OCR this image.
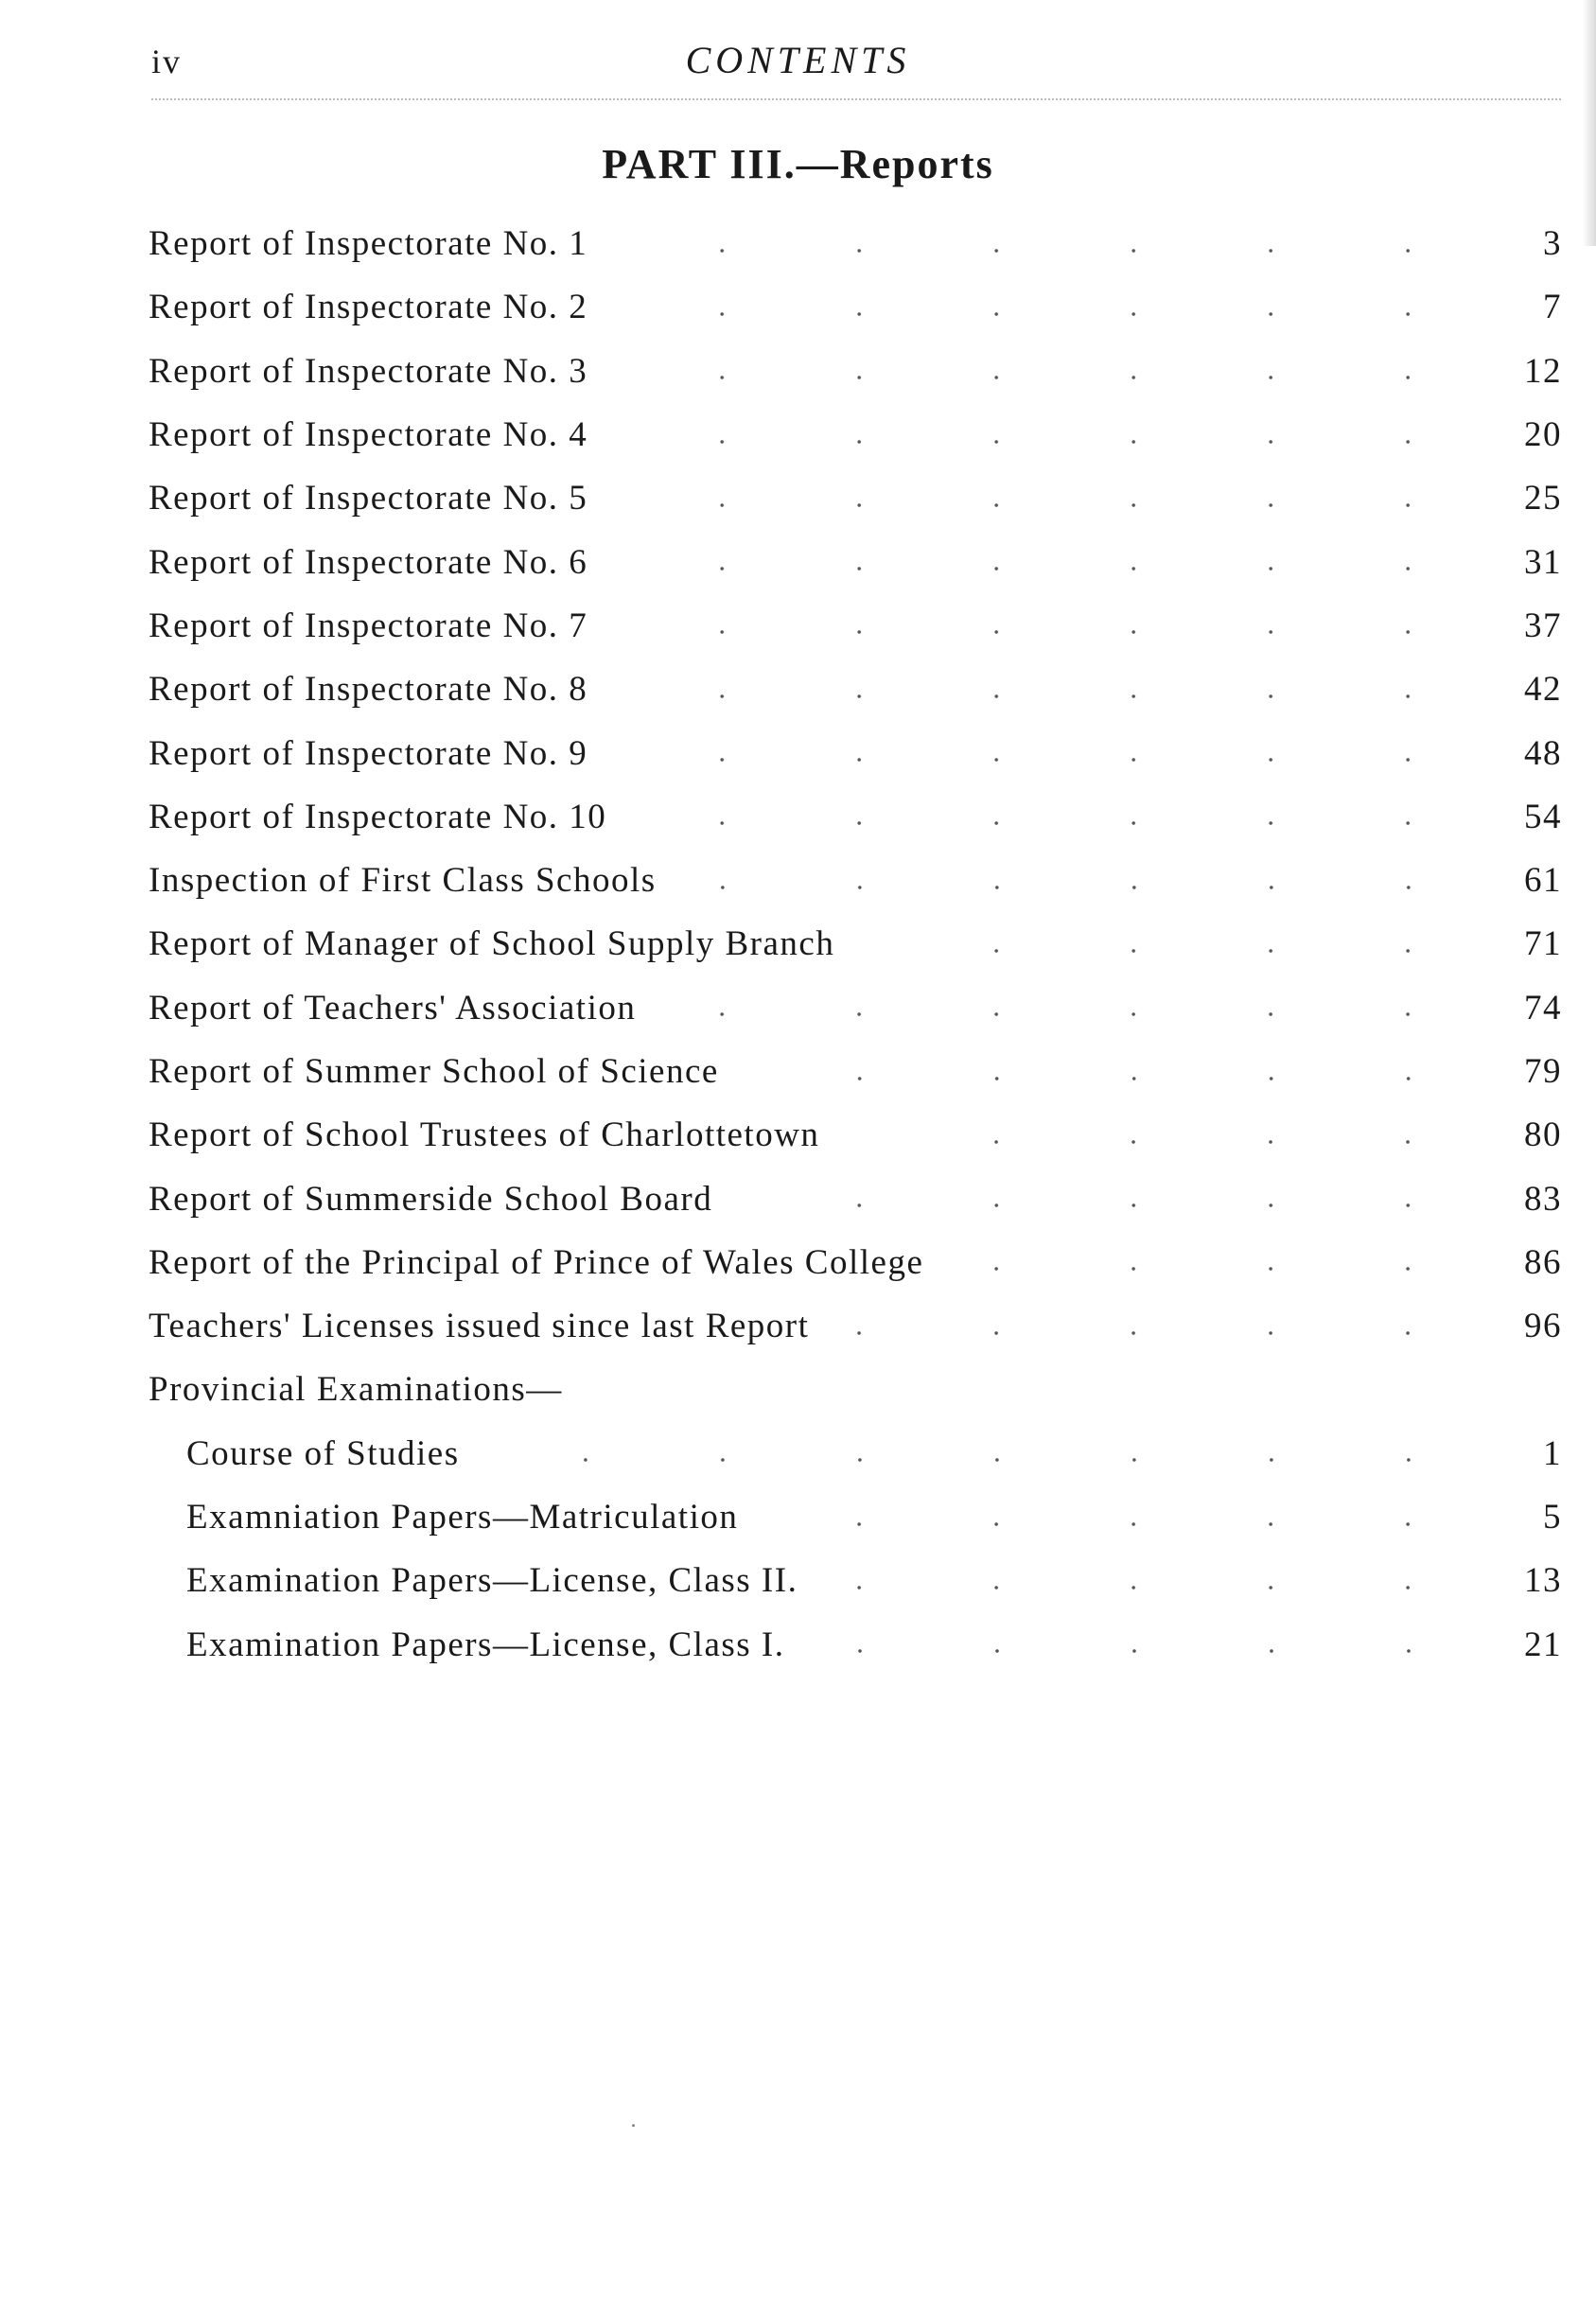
iv	CONTENTS
PART III.—Reports
Report of Inspectorate No. 1	3
Report of Inspectorate No. 2	7
Report of Inspectorate No. 3	12
Report of Inspectorate No. 4	20
Report of Inspectorate No. 5	25
Report of Inspectorate No. 6	31
Report of Inspectorate No. 7	37
Report of Inspectorate No. 8	42
Report of Inspectorate No. 9	48
Report of Inspectorate No. 10	54
Inspection of First Class Schools	61
Report of Manager of School Supply Branch	71
Report of Teachers' Association	74
Report of Summer School of Science	79
Report of School Trustees of Charlottetown	80
Report of Summerside School Board	83
Report of the Principal of Prince of Wales College	86
Teachers' Licenses issued since last Report	96
Provincial Examinations—
Course of Studies	1
Examniation Papers—Matriculation	5
Examination Papers—License, Class II.	13
Examination Papers—License, Class I.	21
